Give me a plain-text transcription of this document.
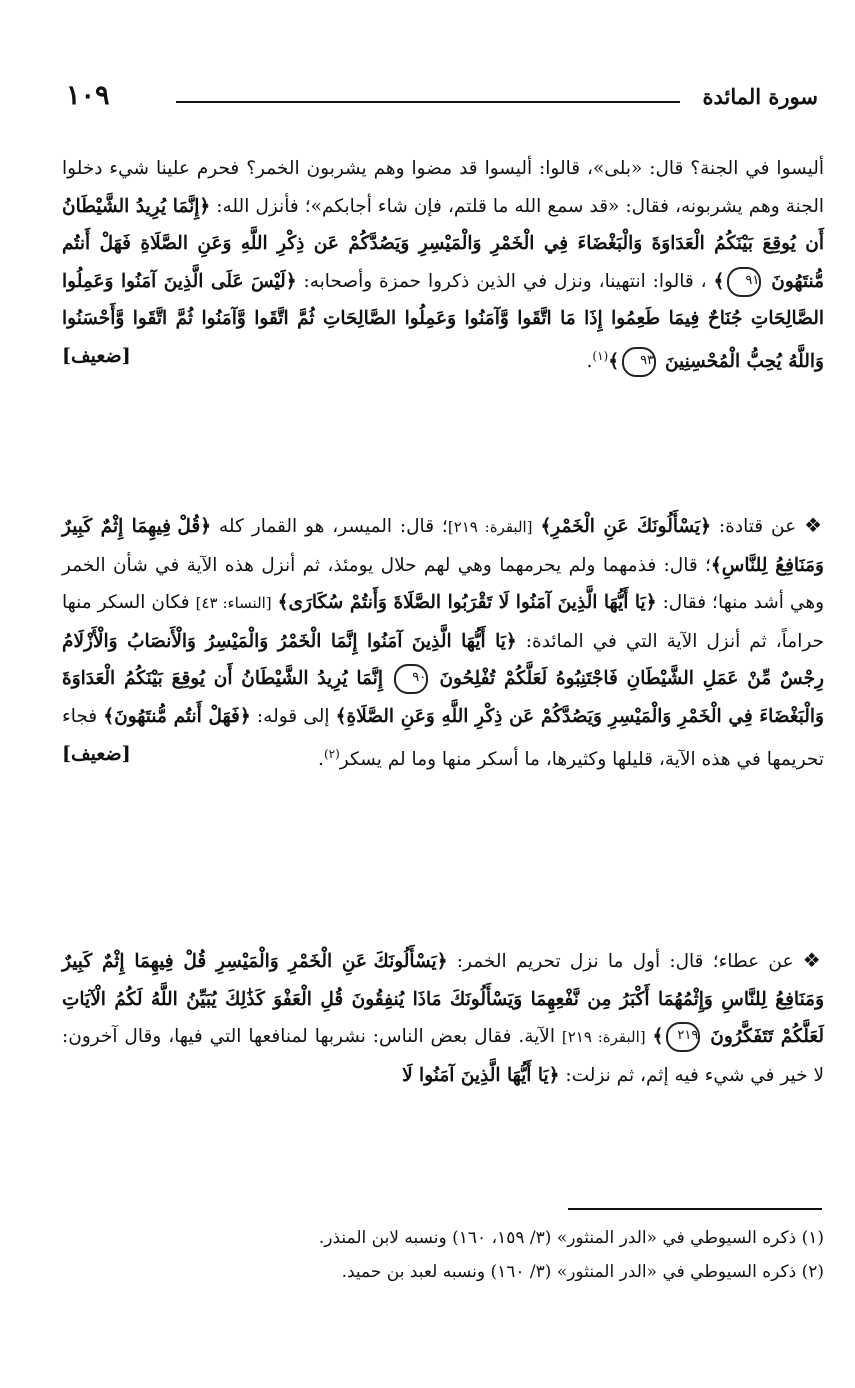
سورة المائدة
١٠٩
أليسوا في الجنة؟ قال: «بلى»، قالوا: أليسوا قد مضوا وهم يشربون الخمر؟ فحرم علينا شيء دخلوا الجنة وهم يشربونه، فقال: «قد سمع الله ما قلتم، فإن شاء أجابكم»؛ فأنزل الله: ﴿إِنَّمَا يُرِيدُ الشَّيْطَانُ أَن يُوقِعَ بَيْنَكُمُ الْعَدَاوَةَ وَالْبَغْضَاءَ فِي الْخَمْرِ وَالْمَيْسِرِ وَيَصُدَّكُمْ عَن ذِكْرِ اللَّهِ وَعَنِ الصَّلَاةِ فَهَلْ أَنتُم مُّنتَهُونَ ٩١﴾ ، قالوا: انتهينا، ونزل في الذين ذكروا حمزة وأصحابه: ﴿لَيْسَ عَلَى الَّذِينَ آمَنُوا وَعَمِلُوا الصَّالِحَاتِ جُنَاحٌ فِيمَا طَعِمُوا إِذَا مَا اتَّقَوا وَّآمَنُوا وَعَمِلُوا الصَّالِحَاتِ ثُمَّ اتَّقَوا وَّآمَنُوا ثُمَّ اتَّقَوا وَّأَحْسَنُوا وَاللَّهُ يُحِبُّ الْمُحْسِنِينَ ٩٣﴾$^{(١)}$.
[ضعيف]
❖ عن قتادة: ﴿يَسْأَلُونَكَ عَنِ الْخَمْرِ﴾ [البقرة: ٢١٩]؛ قال: الميسر، هو القمار كله ﴿قُلْ فِيهِمَا إِثْمٌ كَبِيرٌ وَمَنَافِعُ لِلنَّاسِ﴾؛ قال: فذمهما ولم يحرمهما وهي لهم حلال يومئذ، ثم أنزل هذه الآية في شأن الخمر وهي أشد منها؛ فقال: ﴿يَا أَيُّهَا الَّذِينَ آمَنُوا لَا تَقْرَبُوا الصَّلَاةَ وَأَنتُمْ سُكَارَى﴾ [النساء: ٤٣] فكان السكر منها حراماً، ثم أنزل الآية التي في المائدة: ﴿يَا أَيُّهَا الَّذِينَ آمَنُوا إِنَّمَا الْخَمْرُ وَالْمَيْسِرُ وَالْأَنصَابُ وَالْأَزْلَامُ رِجْسٌ مِّنْ عَمَلِ الشَّيْطَانِ فَاجْتَنِبُوهُ لَعَلَّكُمْ تُفْلِحُونَ ٩٠ إِنَّمَا يُرِيدُ الشَّيْطَانُ أَن يُوقِعَ بَيْنَكُمُ الْعَدَاوَةَ وَالْبَغْضَاءَ فِي الْخَمْرِ وَالْمَيْسِرِ وَيَصُدَّكُمْ عَن ذِكْرِ اللَّهِ وَعَنِ الصَّلَاةِ﴾ إلى قوله: ﴿فَهَلْ أَنتُم مُّنتَهُونَ﴾ فجاء تحريمها في هذه الآية، قليلها وكثيرها، ما أسكر منها وما لم يسكر$^{(٢)}$.
[ضعيف]
❖ عن عطاء؛ قال: أول ما نزل تحريم الخمر: ﴿يَسْأَلُونَكَ عَنِ الْخَمْرِ وَالْمَيْسِرِ قُلْ فِيهِمَا إِثْمٌ كَبِيرٌ وَمَنَافِعُ لِلنَّاسِ وَإِثْمُهُمَا أَكْبَرُ مِن نَّفْعِهِمَا وَيَسْأَلُونَكَ مَاذَا يُنفِقُونَ قُلِ الْعَفْوَ كَذَٰلِكَ يُبَيِّنُ اللَّهُ لَكُمُ الْآيَاتِ لَعَلَّكُمْ تَتَفَكَّرُونَ ٢١٩﴾ [البقرة: ٢١٩] الآية. فقال بعض الناس: نشربها لمنافعها التي فيها، وقال آخرون: لا خير في شيء فيه إثم، ثم نزلت: ﴿يَا أَيُّهَا الَّذِينَ آمَنُوا لَا
(١) ذكره السيوطي في «الدر المنثور» (٣/ ١٥٩، ١٦٠) ونسبه لابن المنذر.
(٢) ذكره السيوطي في «الدر المنثور» (٣/ ١٦٠) ونسبه لعبد بن حميد.
